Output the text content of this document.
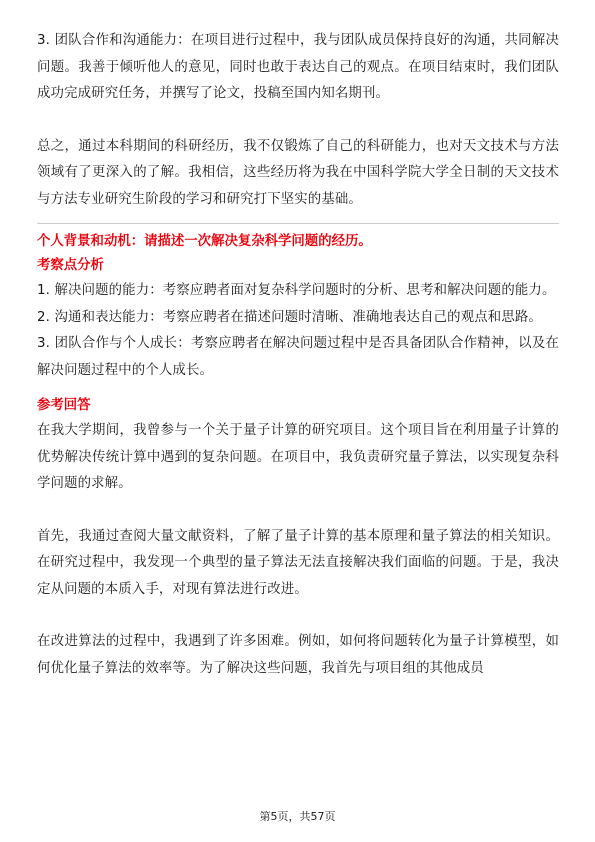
3. 团队合作和沟通能力：在项目进行过程中，我与团队成员保持良好的沟通，共同解决问题。我善于倾听他人的意见，同时也敢于表达自己的观点。在项目结束时，我们团队成功完成研究任务，并撰写了论文，投稿至国内知名期刊。

总之，通过本科期间的科研经历，我不仅锻炼了自己的科研能力，也对天文技术与方法领域有了更深入的了解。我相信，这些经历将为我在中国科学院大学全日制的天文技术与方法专业研究生阶段的学习和研究打下坚实的基础。

个人背景和动机：请描述一次解决复杂科学问题的经历。
考察点分析

1. 解决问题的能力：考察应聘者面对复杂科学问题时的分析、思考和解决问题的能力。

2. 沟通和表达能力：考察应聘者在描述问题时清晰、准确地表达自己的观点和思路。

3. 团队合作与个人成长：考察应聘者在解决问题过程中是否具备团队合作精神，以及在解决问题过程中的个人成长。

参考回答

在我大学期间，我曾参与一个关于量子计算的研究项目。这个项目旨在利用量子计算的优势解决传统计算中遇到的复杂问题。在项目中，我负责研究量子算法，以实现复杂科学问题的求解。

首先，我通过查阅大量文献资料，了解了量子计算的基本原理和量子算法的相关知识。在研究过程中，我发现一个典型的量子算法无法直接解决我们面临的问题。于是，我决定从问题的本质入手，对现有算法进行改进。

在改进算法的过程中，我遇到了许多困难。例如，如何将问题转化为量子计算模型，如何优化量子算法的效率等。为了解决这些问题，我首先与项目组的其他成员

第5页，共57页
